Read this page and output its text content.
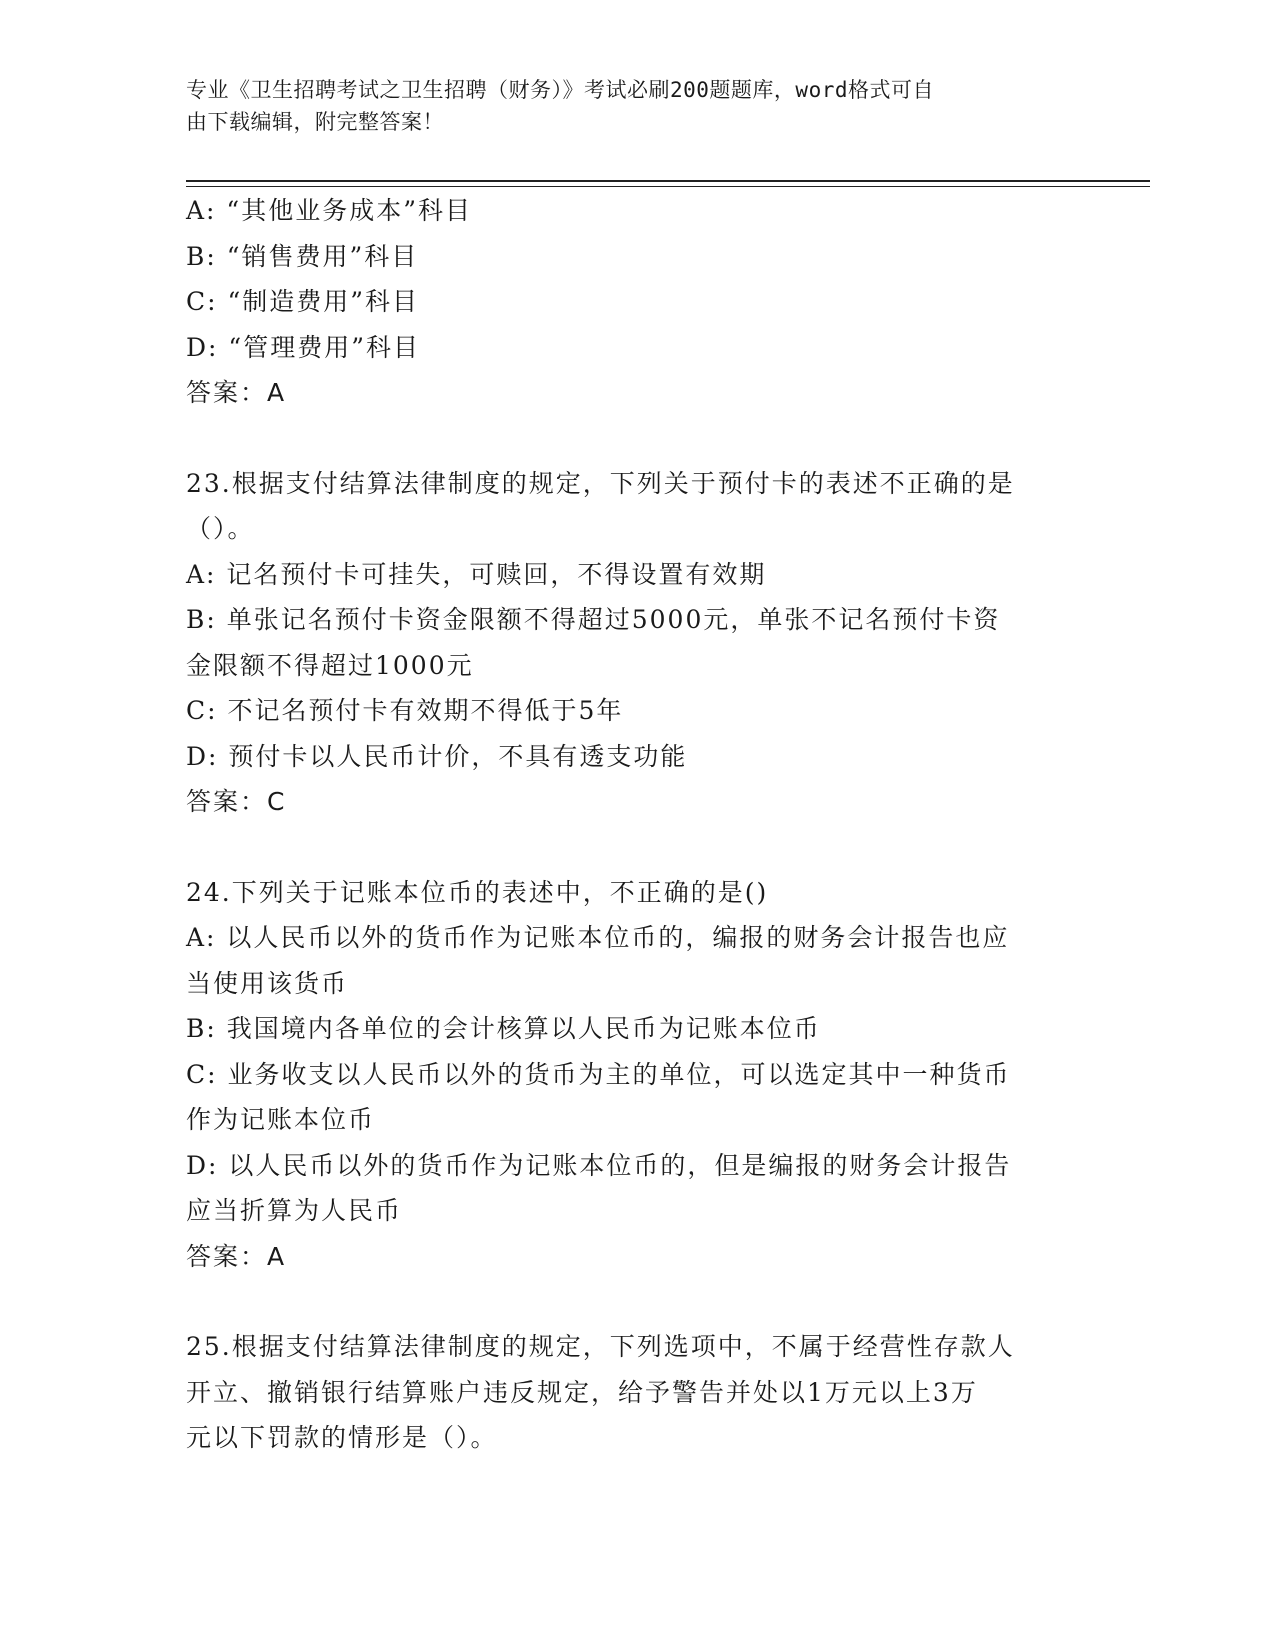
专业《卫生招聘考试之卫生招聘（财务）》考试必刷200题题库，word格式可自
由下载编辑，附完整答案！
A: “其他业务成本”科目
B: “销售费用”科目
C: “制造费用”科目
D: “管理费用”科目
答案：A
23.根据支付结算法律制度的规定，下列关于预付卡的表述不正确的是
（）。
A: 记名预付卡可挂失，可赎回，不得设置有效期
B: 单张记名预付卡资金限额不得超过5000元，单张不记名预付卡资
金限额不得超过1000元
C: 不记名预付卡有效期不得低于5年
D: 预付卡以人民币计价，不具有透支功能
答案：C
24.下列关于记账本位币的表述中，不正确的是()
A: 以人民币以外的货币作为记账本位币的，编报的财务会计报告也应
当使用该货币
B: 我国境内各单位的会计核算以人民币为记账本位币
C: 业务收支以人民币以外的货币为主的单位，可以选定其中一种货币
作为记账本位币
D: 以人民币以外的货币作为记账本位币的，但是编报的财务会计报告
应当折算为人民币
答案：A
25.根据支付结算法律制度的规定，下列选项中，不属于经营性存款人
开立、撤销银行结算账户违反规定，给予警告并处以1万元以上3万
元以下罚款的情形是（）。
